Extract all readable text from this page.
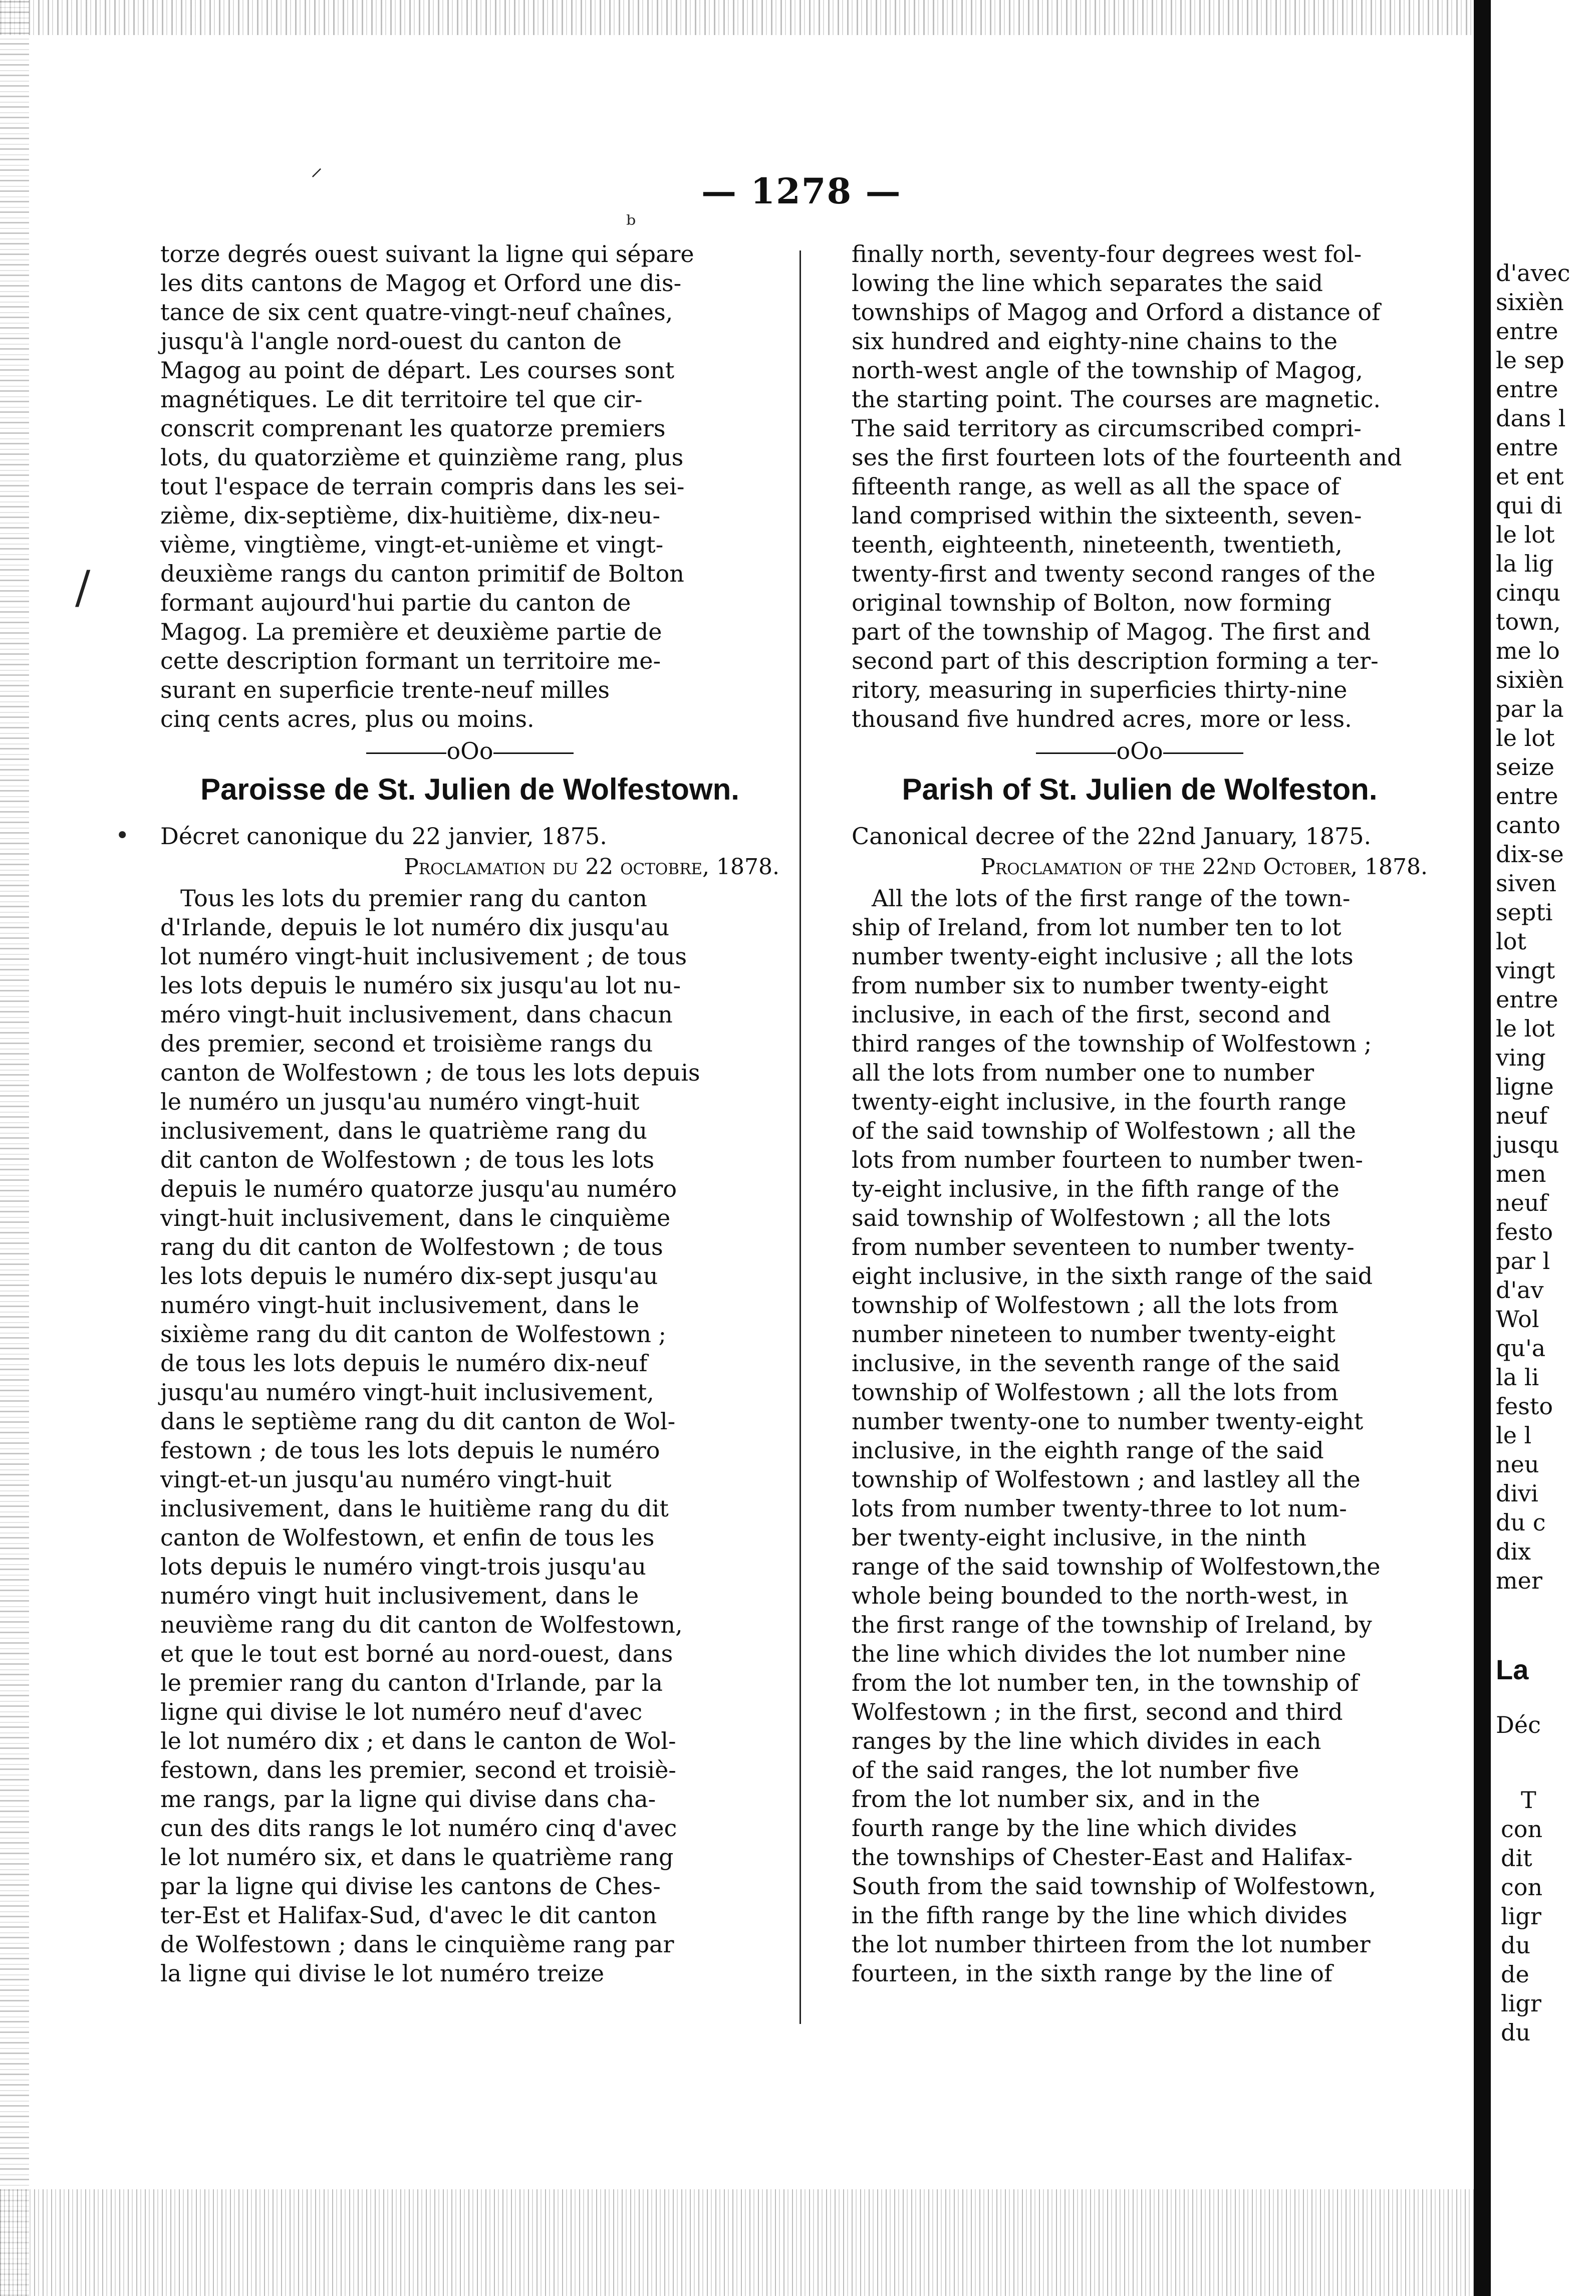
— 1278 —
⸝
ᵇ
/
•
torze degrés ouest suivant la ligne qui sépare
les dits cantons de Magog et Orford une dis-
tance de six cent quatre-vingt-neuf chaînes,
jusqu'à l'angle nord-ouest du canton de
Magog au point de départ. Les courses sont
magnétiques. Le dit territoire tel que cir-
conscrit comprenant les quatorze premiers
lots, du quatorzième et quinzième rang, plus
tout l'espace de terrain compris dans les sei-
zième, dix-septième, dix-huitième, dix-neu-
vième, vingtième, vingt-et-unième et vingt-
deuxième rangs du canton primitif de Bolton
formant aujourd'hui partie du canton de
Magog. La première et deuxième partie de
cette description formant un territoire me-
surant en superficie trente-neuf milles
cinq cents acres, plus ou moins.
oOo
Paroisse de St. Julien de Wolfestown.
Décret canonique du 22 janvier, 1875.
Proclamation du 22 octobre, 1878.
Tous les lots du premier rang du canton
d'Irlande, depuis le lot numéro dix jusqu'au
lot numéro vingt-huit inclusivement ; de tous
les lots depuis le numéro six jusqu'au lot nu-
méro vingt-huit inclusivement, dans chacun
des premier, second et troisième rangs du
canton de Wolfestown ; de tous les lots depuis
le numéro un jusqu'au numéro vingt-huit
inclusivement, dans le quatrième rang du
dit canton de Wolfestown ; de tous les lots
depuis le numéro quatorze jusqu'au numéro
vingt-huit inclusivement, dans le cinquième
rang du dit canton de Wolfestown ; de tous
les lots depuis le numéro dix-sept jusqu'au
numéro vingt-huit inclusivement, dans le
sixième rang du dit canton de Wolfestown ;
de tous les lots depuis le numéro dix-neuf
jusqu'au numéro vingt-huit inclusivement,
dans le septième rang du dit canton de Wol-
festown ; de tous les lots depuis le numéro
vingt-et-un jusqu'au numéro vingt-huit
inclusivement, dans le huitième rang du dit
canton de Wolfestown, et enfin de tous les
lots depuis le numéro vingt-trois jusqu'au
numéro vingt huit inclusivement, dans le
neuvième rang du dit canton de Wolfestown,
et que le tout est borné au nord-ouest, dans
le premier rang du canton d'Irlande, par la
ligne qui divise le lot numéro neuf d'avec
le lot numéro dix ; et dans le canton de Wol-
festown, dans les premier, second et troisiè-
me rangs, par la ligne qui divise dans cha-
cun des dits rangs le lot numéro cinq d'avec
le lot numéro six, et dans le quatrième rang
par la ligne qui divise les cantons de Ches-
ter-Est et Halifax-Sud, d'avec le dit canton
de Wolfestown ; dans le cinquième rang par
la ligne qui divise le lot numéro treize
finally north, seventy-four degrees west fol-
lowing the line which separates the said
townships of Magog and Orford a distance of
six hundred and eighty-nine chains to the
north-west angle of the township of Magog,
the starting point. The courses are magnetic.
The said territory as circumscribed compri-
ses the first fourteen lots of the fourteenth and
fifteenth range, as well as all the space of
land comprised within the sixteenth, seven-
teenth, eighteenth, nineteenth, twentieth,
twenty-first and twenty second ranges of the
original township of Bolton, now forming
part of the township of Magog. The first and
second part of this description forming a ter-
ritory, measuring in superficies thirty-nine
thousand five hundred acres, more or less.
oOo
Parish of St. Julien de Wolfeston.
Canonical decree of the 22nd January, 1875.
Proclamation of the 22nd October, 1878.
All the lots of the first range of the town-
ship of Ireland, from lot number ten to lot
number twenty-eight inclusive ; all the lots
from number six to number twenty-eight
inclusive, in each of the first, second and
third ranges of the township of Wolfestown ;
all the lots from number one to number
twenty-eight inclusive, in the fourth range
of the said township of Wolfestown ; all the
lots from number fourteen to number twen-
ty-eight inclusive, in the fifth range of the
said township of Wolfestown ; all the lots
from number seventeen to number twenty-
eight inclusive, in the sixth range of the said
township of Wolfestown ; all the lots from
number nineteen to number twenty-eight
inclusive, in the seventh range of the said
township of Wolfestown ; all the lots from
number twenty-one to number twenty-eight
inclusive, in the eighth range of the said
township of Wolfestown ; and lastley all the
lots from number twenty-three to lot num-
ber twenty-eight inclusive, in the ninth
range of the said township of Wolfestown,the
whole being bounded to the north-west, in
the first range of the township of Ireland, by
the line which divides the lot number nine
from the lot number ten, in the township of
Wolfestown ; in the first, second and third
ranges by the line which divides in each
of the said ranges, the lot number five
from the lot number six, and in the
fourth range by the line which divides
the townships of Chester-East and Halifax-
South from the said township of Wolfestown,
in the fifth range by the line which divides
the lot number thirteen from the lot number
fourteen, in the sixth range by the line of
d'avec
sixièn
entre
le sep
entre
dans l
entre
et ent
qui di
le lot
la lig
cinqu
town,
me lo
sixièn
par la
le lot
seize
entre
canto
dix-se
siven
septi
lot
vingt
entre
le lot
ving
ligne
neuf
jusqu
men
neuf
festo
par l
d'av
Wol
qu'a
la li
festo
le l
neu
divi
du c
dix
mer
La
Déc
T
con
dit
con
ligr
du
de
ligr
du
